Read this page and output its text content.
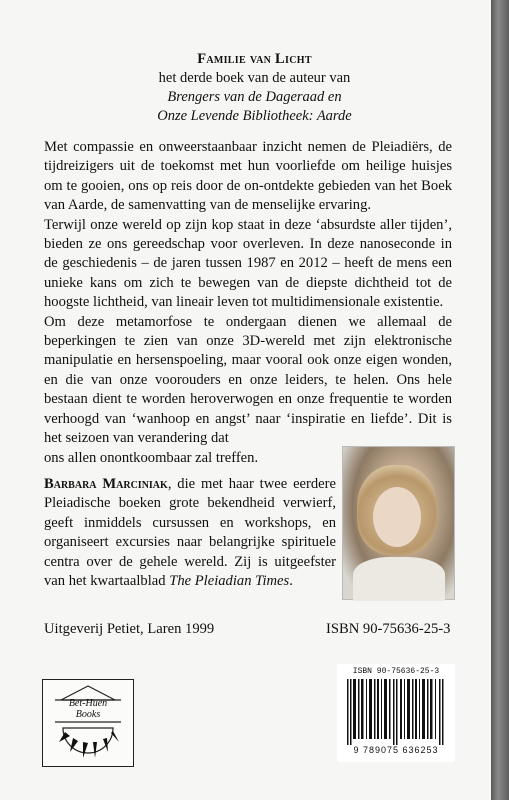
Familie van Licht
het derde boek van de auteur van
Brengers van de Dageraad en
Onze Levende Bibliotheek: Aarde

Met compassie en onweerstaanbaar inzicht nemen de Pleiadiërs, de tijdreizigers uit de toekomst met hun voorliefde om heilige huisjes om te gooien, ons op reis door de on-ontdekte gebieden van het Boek van Aarde, de samenvatting van de menselijke ervaring.

Terwijl onze wereld op zijn kop staat in deze ‘absurdste aller tijden’, bieden ze ons gereedschap voor overleven. In deze nanoseconde in de geschiedenis – de jaren tussen 1987 en 2012 – heeft de mens een unieke kans om zich te bewegen van de diepste dichtheid tot de hoogste lichtheid, van lineair leven tot multidimensionale existentie.

Om deze metamorfose te ondergaan dienen we allemaal de beperkingen te zien van onze 3D-wereld met zijn elektronische manipulatie en hersenspoeling, maar vooral ook onze eigen wonden, en die van onze voorouders en onze leiders, te helen. Ons hele bestaan dient te worden heroverwogen en onze frequentie te worden verhoogd van ‘wanhoop en angst’ naar ‘inspiratie en liefde’. Dit is het seizoen van verandering dat

ons allen onontkoombaar zal treffen.

Barbara Marciniak, die met haar twee eerdere Pleiadische boeken grote bekendheid verwierf, geeft inmiddels cursussen en workshops, en organiseert excursies naar belangrijke spirituele centra over de gehele wereld. Zij is uitgeefster van het kwartaalblad The Pleiadian Times.

Uitgeverij Petiet, Laren 1999	ISBN 90-75636-25-3
Bet-Huen
Books
ISBN 90-75636-25-3
9 789075 636253
